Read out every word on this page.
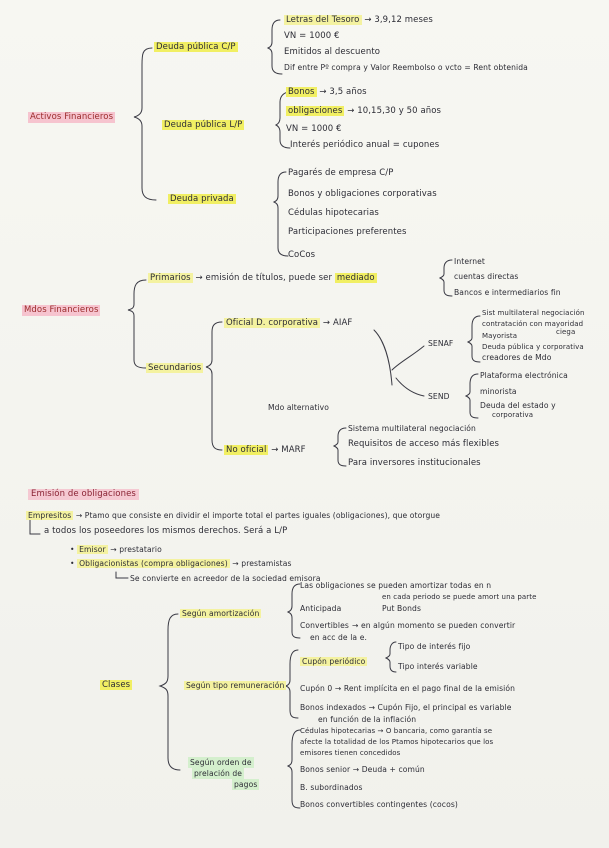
Activos Financieros
Deuda pública C/P
Letras del Tesoro → 3,9,12 meses
VN = 1000 €
Emitidos al descuento
Dif entre Pº compra y Valor Reembolso o vcto = Rent obtenida
Deuda pública L/P
Bonos → 3,5 años
obligaciones → 10,15,30 y 50 años
VN = 1000 €
Interés periódico anual = cupones
Deuda privada
Pagarés de empresa C/P
Bonos y obligaciones corporativas
Cédulas hipotecarias
Participaciones preferentes
CoCos
Mdos Financieros
Primarios → emisión de títulos, puede ser mediado
Internet
cuentas directas
Bancos e intermediarios fin
Secundarios
Oficial D. corporativa → AIAF
SENAF
Sist multilateral negociación
contratación con mayoridad
Mayorista	ciega
Deuda pública y corporativa
creadores de Mdo
SEND
Plataforma electrónica
minorista
Deuda del estado y
corporativa
Mdo alternativo
No oficial → MARF
Sistema multilateral negociación
Requisitos de acceso más flexibles
Para inversores institucionales
Emisión de obligaciones
Empresitos → Ptamo que consiste en dividir el importe total el partes iguales (obligaciones), que otorgue
a todos los poseedores los mismos derechos. Será a L/P
• Emisor → prestatario
• Obligacionistas (compra obligaciones) → prestamistas
Se convierte en acreedor de la sociedad emisora
Clases
Según amortización
Las obligaciones se pueden amortizar todas en n
en cada periodo se puede amort una parte
Anticipada	Put Bonds
Convertibles → en algún momento se pueden convertir
en acc de la e.
Según tipo remuneración
Cupón periódico
Tipo de interés fijo
Tipo interés variable
Cupón 0 → Rent implícita en el pago final de la emisión
Bonos indexados → Cupón Fijo, el principal es variable
en función de la inflación
Según orden de
prelación de
pagos
Cédulas hipotecarias → O bancaria, como garantía se
afecte la totalidad de los Ptamos hipotecarios que los
emisores tienen concedidos
Bonos senior → Deuda + común
B. subordinados
Bonos convertibles contingentes (cocos)
